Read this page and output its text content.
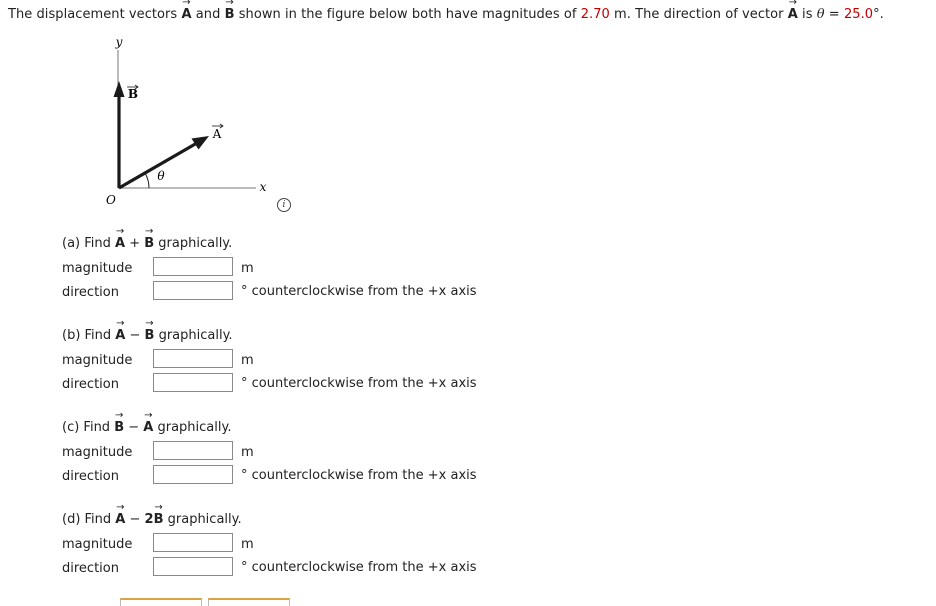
The displacement vectors → A and → B shown in the figure below both have magnitudes of 2.70 m. The direction of vector → A is θ = 25.0°.
y
x
O
B
A
θ
i
(a) Find → A + → B graphically.
magnitude	m
direction	° counterclockwise from the +x axis
(b) Find → A − → B graphically.
magnitude	m
direction	° counterclockwise from the +x axis
(c) Find → B − → A graphically.
magnitude	m
direction	° counterclockwise from the +x axis
(d) Find → A − 2→ B graphically.
magnitude	m
direction	° counterclockwise from the +x axis
